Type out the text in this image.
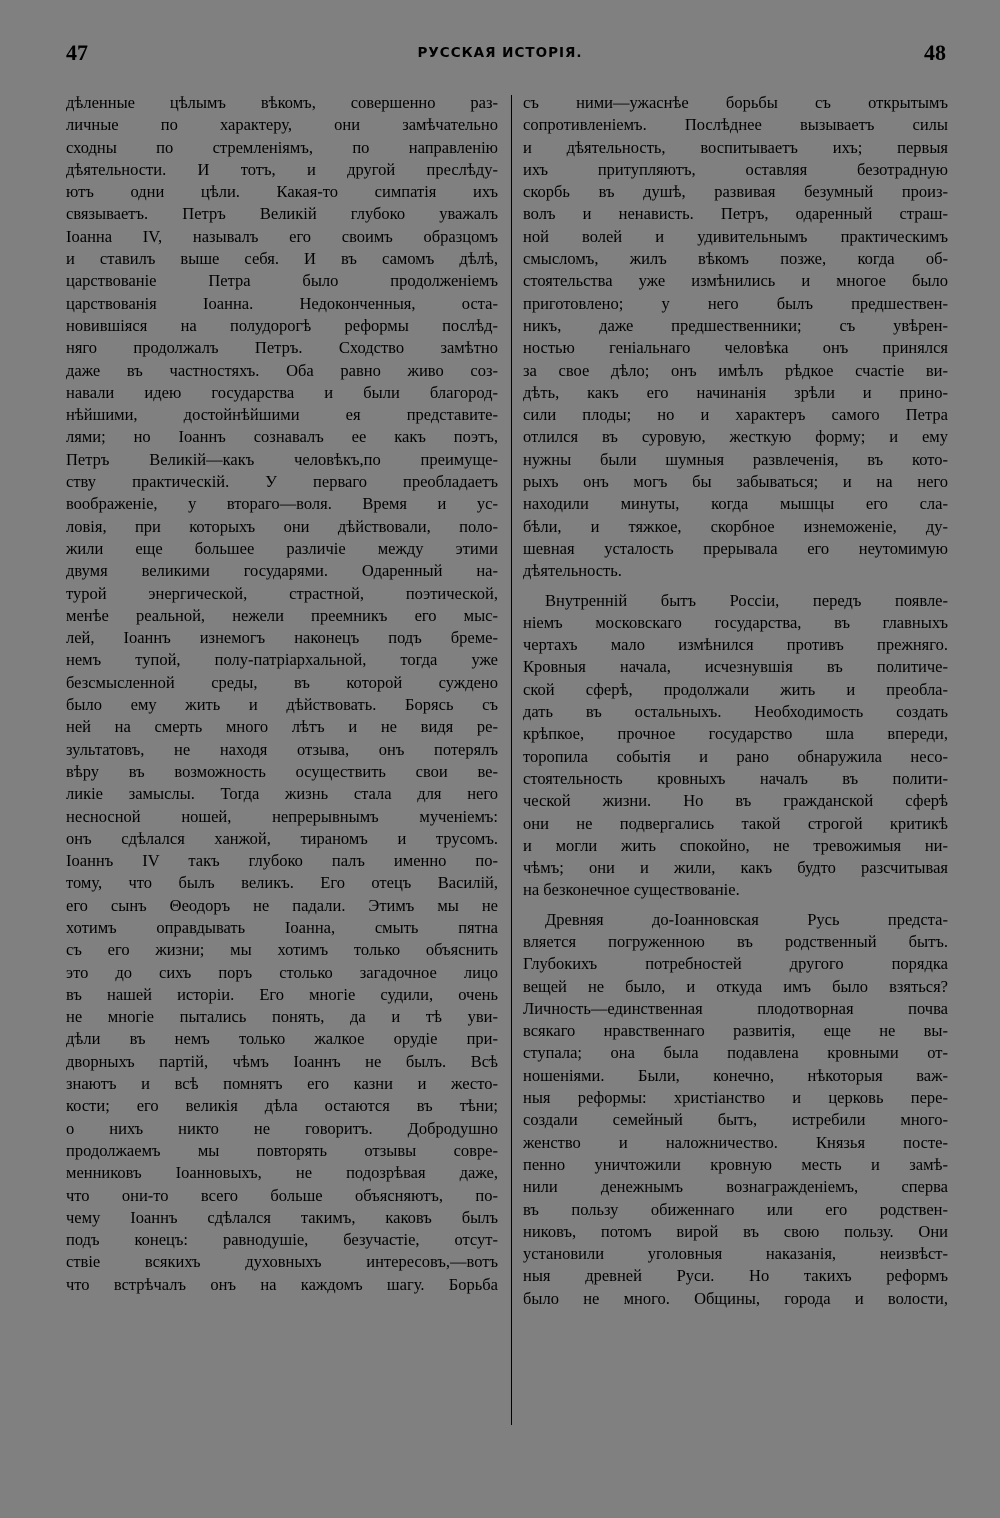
47	РУССКАЯ ИСТОРІЯ.	48
дѣленные цѣлымъ вѣкомъ, совершенно раз-
личные по характеру, они замѣчательно
сходны по стремленіямъ, по направленію
дѣятельности. И тотъ, и другой преслѣду-
ютъ одни цѣли. Какая-то симпатія ихъ
связываетъ. Петръ Великій глубоко уважалъ
Іоанна IV, называлъ его своимъ образцомъ
и ставилъ выше себя. И въ самомъ дѣлѣ,
царствованіе Петра было продолженіемъ
царствованія Іоанна. Недоконченныя, оста-
новившіяся на полудорогѣ реформы послѣд-
няго продолжалъ Петръ. Сходство замѣтно
даже въ частностяхъ. Оба равно живо соз-
навали идею государства и были благород-
нѣйшими, достойнѣйшими ея представите-
лями; но Іоаннъ сознавалъ ее какъ поэтъ,
Петръ Великій—какъ человѣкъ,по преимуще-
ству практическій. У перваго преобладаетъ
воображеніе, у втораго—воля. Время и ус-
ловія, при которыхъ они дѣйствовали, поло-
жили еще большее различіе между этими
двумя великими государями. Одаренный на-
турой энергической, страстной, поэтической,
менѣе реальной, нежели преемникъ его мыс-
лей, Іоаннъ изнемогъ наконецъ подъ бреме-
немъ тупой, полу-патріархальной, тогда уже
безсмысленной среды, въ которой суждено
было ему жить и дѣйствовать. Борясь съ
ней на смерть много лѣтъ и не видя ре-
зультатовъ, не находя отзыва, онъ потерялъ
вѣру въ возможность осуществить свои ве-
ликіе замыслы. Тогда жизнь стала для него
несносной ношей, непрерывнымъ мученіемъ:
онъ сдѣлался ханжой, тираномъ и трусомъ.
Іоаннъ IV такъ глубоко палъ именно по-
тому, что былъ великъ. Его отецъ Василій,
его сынъ Θеодоръ не падали. Этимъ мы не
хотимъ оправдывать Іоанна, смыть пятна
съ его жизни; мы хотимъ только объяснить
это до сихъ поръ столько загадочное лицо
въ нашей исторіи. Его многіе судили, очень
не многіе пытались понять, да и тѣ уви-
дѣли въ немъ только жалкое орудіе при-
дворныхъ партій, чѣмъ Іоаннъ не былъ. Всѣ
знаютъ и всѣ помнятъ его казни и жесто-
кости; его великія дѣла остаются въ тѣни;
о нихъ никто не говоритъ. Добродушно
продолжаемъ мы повторять отзывы совре-
менниковъ Іоанновыхъ, не подозрѣвая даже,
что они-то всего больше объясняютъ, по-
чему Іоаннъ сдѣлался такимъ, каковъ былъ
подъ конецъ: равнодушіе, безучастіе, отсут-
ствіе всякихъ духовныхъ интересовъ,—вотъ
что встрѣчалъ онъ на каждомъ шагу. Борьба
съ ними—ужаснѣе борьбы съ открытымъ
сопротивленіемъ. Послѣднее вызываетъ силы
и дѣятельность, воспитываетъ ихъ; первыя
ихъ притупляютъ, оставляя безотрадную
скорбь въ душѣ, развивая безумный произ-
волъ и ненависть. Петръ, одаренный страш-
ной волей и удивительнымъ практическимъ
смысломъ, жилъ вѣкомъ позже, когда об-
стоятельства уже измѣнились и многое было
приготовлено; у него былъ предшествен-
никъ, даже предшественники; съ увѣрен-
ностью геніальнаго человѣка онъ принялся
за свое дѣло; онъ имѣлъ рѣдкое счастіе ви-
дѣть, какъ его начинанія зрѣли и прино-
сили плоды; но и характеръ самого Петра
отлился въ суровую, жесткую форму; и ему
нужны были шумныя развлеченія, въ кото-
рыхъ онъ могъ бы забываться; и на него
находили минуты, когда мышцы его сла-
бѣли, и тяжкое, скорбное изнеможеніе, ду-
шевная усталость прерывала его неутомимую
дѣятельность.
Внутренній бытъ Россіи, передъ появле-
ніемъ московскаго государства, въ главныхъ
чертахъ мало измѣнился противъ прежняго.
Кровныя начала, исчезнувшія въ политиче-
ской сферѣ, продолжали жить и преобла-
дать въ остальныхъ. Необходимость создать
крѣпкое, прочное государство шла впереди,
торопила событія и рано обнаружила несо-
стоятельность кровныхъ началъ въ полити-
ческой жизни. Но въ гражданской сферѣ
они не подвергались такой строгой критикѣ
и могли жить спокойно, не тревожимыя ни-
чѣмъ; они и жили, какъ будто разсчитывая
на безконечное существованіе.
Древняя до-Іоанновская Русь предста-
вляется погруженною въ родственный бытъ.
Глубокихъ потребностей другого порядка
вещей не было, и откуда имъ было взяться?
Личность—единственная плодотворная почва
всякаго нравственнаго развитія, еще не вы-
ступала; она была подавлена кровными от-
ношеніями. Были, конечно, нѣкоторыя важ-
ныя реформы: христіанство и церковь пере-
создали семейный бытъ, истребили много-
женство и наложничество. Князья посте-
пенно уничтожили кровную месть и замѣ-
нили денежнымъ вознагражденіемъ, сперва
въ пользу обиженнаго или его родствен-
никовъ, потомъ вирой въ свою пользу. Они
установили уголовныя наказанія, неизвѣст-
ныя древней Руси. Но такихъ реформъ
было не много. Общины, города и волости,
